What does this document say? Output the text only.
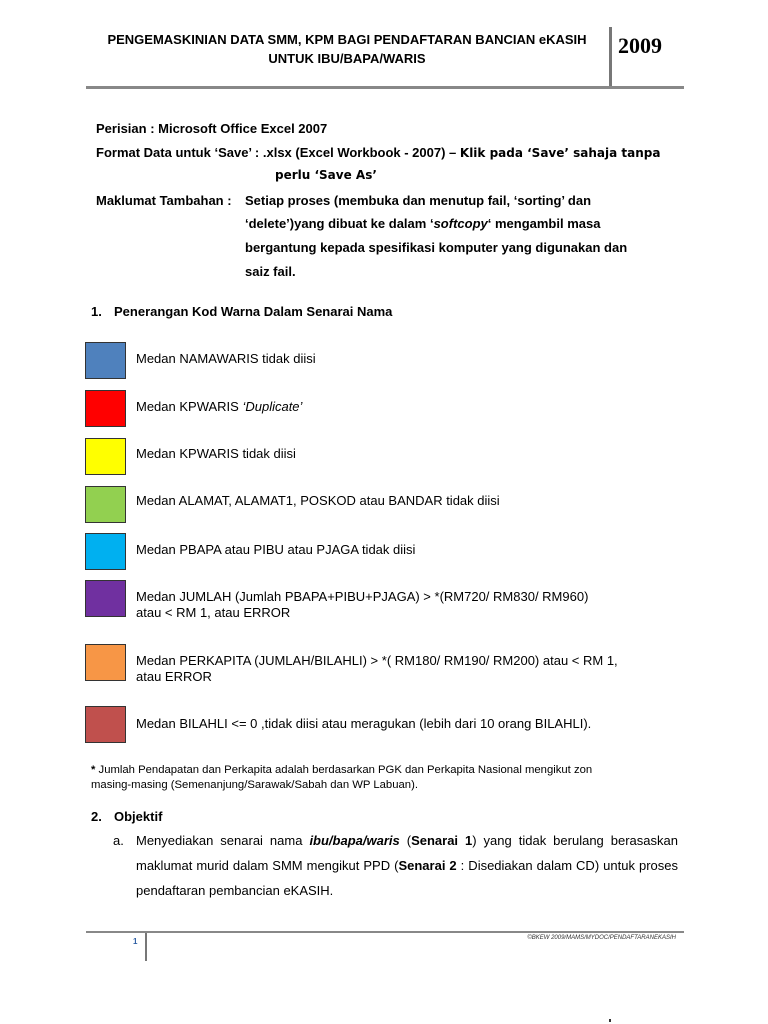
PENGEMASKINIAN DATA SMM, KPM BAGI PENDAFTARAN BANCIAN eKASIH
UNTUK IBU/BAPA/WARIS
2009
Perisian : Microsoft Office Excel 2007
Format Data untuk ‘Save’ : .xlsx (Excel Workbook - 2007) – Klik pada ‘Save’ sahaja tanpa
perlu ‘Save As’
Maklumat Tambahan : Setiap proses (membuka dan menutup fail, ‘sorting’ dan
‘delete’)yang dibuat ke dalam ‘softcopy‘ mengambil masa
bergantung kepada spesifikasi komputer yang digunakan dan
saiz fail.
1. Penerangan Kod Warna Dalam Senarai Nama
Medan NAMAWARIS tidak diisi
Medan KPWARIS ‘Duplicate’
Medan KPWARIS tidak diisi
Medan ALAMAT, ALAMAT1, POSKOD atau BANDAR tidak diisi
Medan PBAPA atau PIBU atau PJAGA tidak diisi
Medan JUMLAH (Jumlah PBAPA+PIBU+PJAGA) > *(RM720/ RM830/ RM960)
atau < RM 1, atau ERROR
Medan PERKAPITA (JUMLAH/BILAHLI) > *( RM180/ RM190/ RM200) atau < RM 1,
atau ERROR
Medan BILAHLI <= 0 ,tidak diisi atau meragukan (lebih dari 10 orang BILAHLI).
* Jumlah Pendapatan dan Perkapita adalah berdasarkan PGK dan Perkapita Nasional mengikut zon
masing-masing (Semenanjung/Sarawak/Sabah dan WP Labuan).
2. Objektif
a. Menyediakan senarai nama ibu/bapa/waris (Senarai 1) yang tidak berulang berasaskan maklumat murid dalam SMM mengikut PPD (Senarai 2 : Disediakan dalam CD) untuk proses pendaftaran pembancian eKASIH.
1	©BKEW 2009/MAMS/MYDOC/PENDAFTARANEKASIH
